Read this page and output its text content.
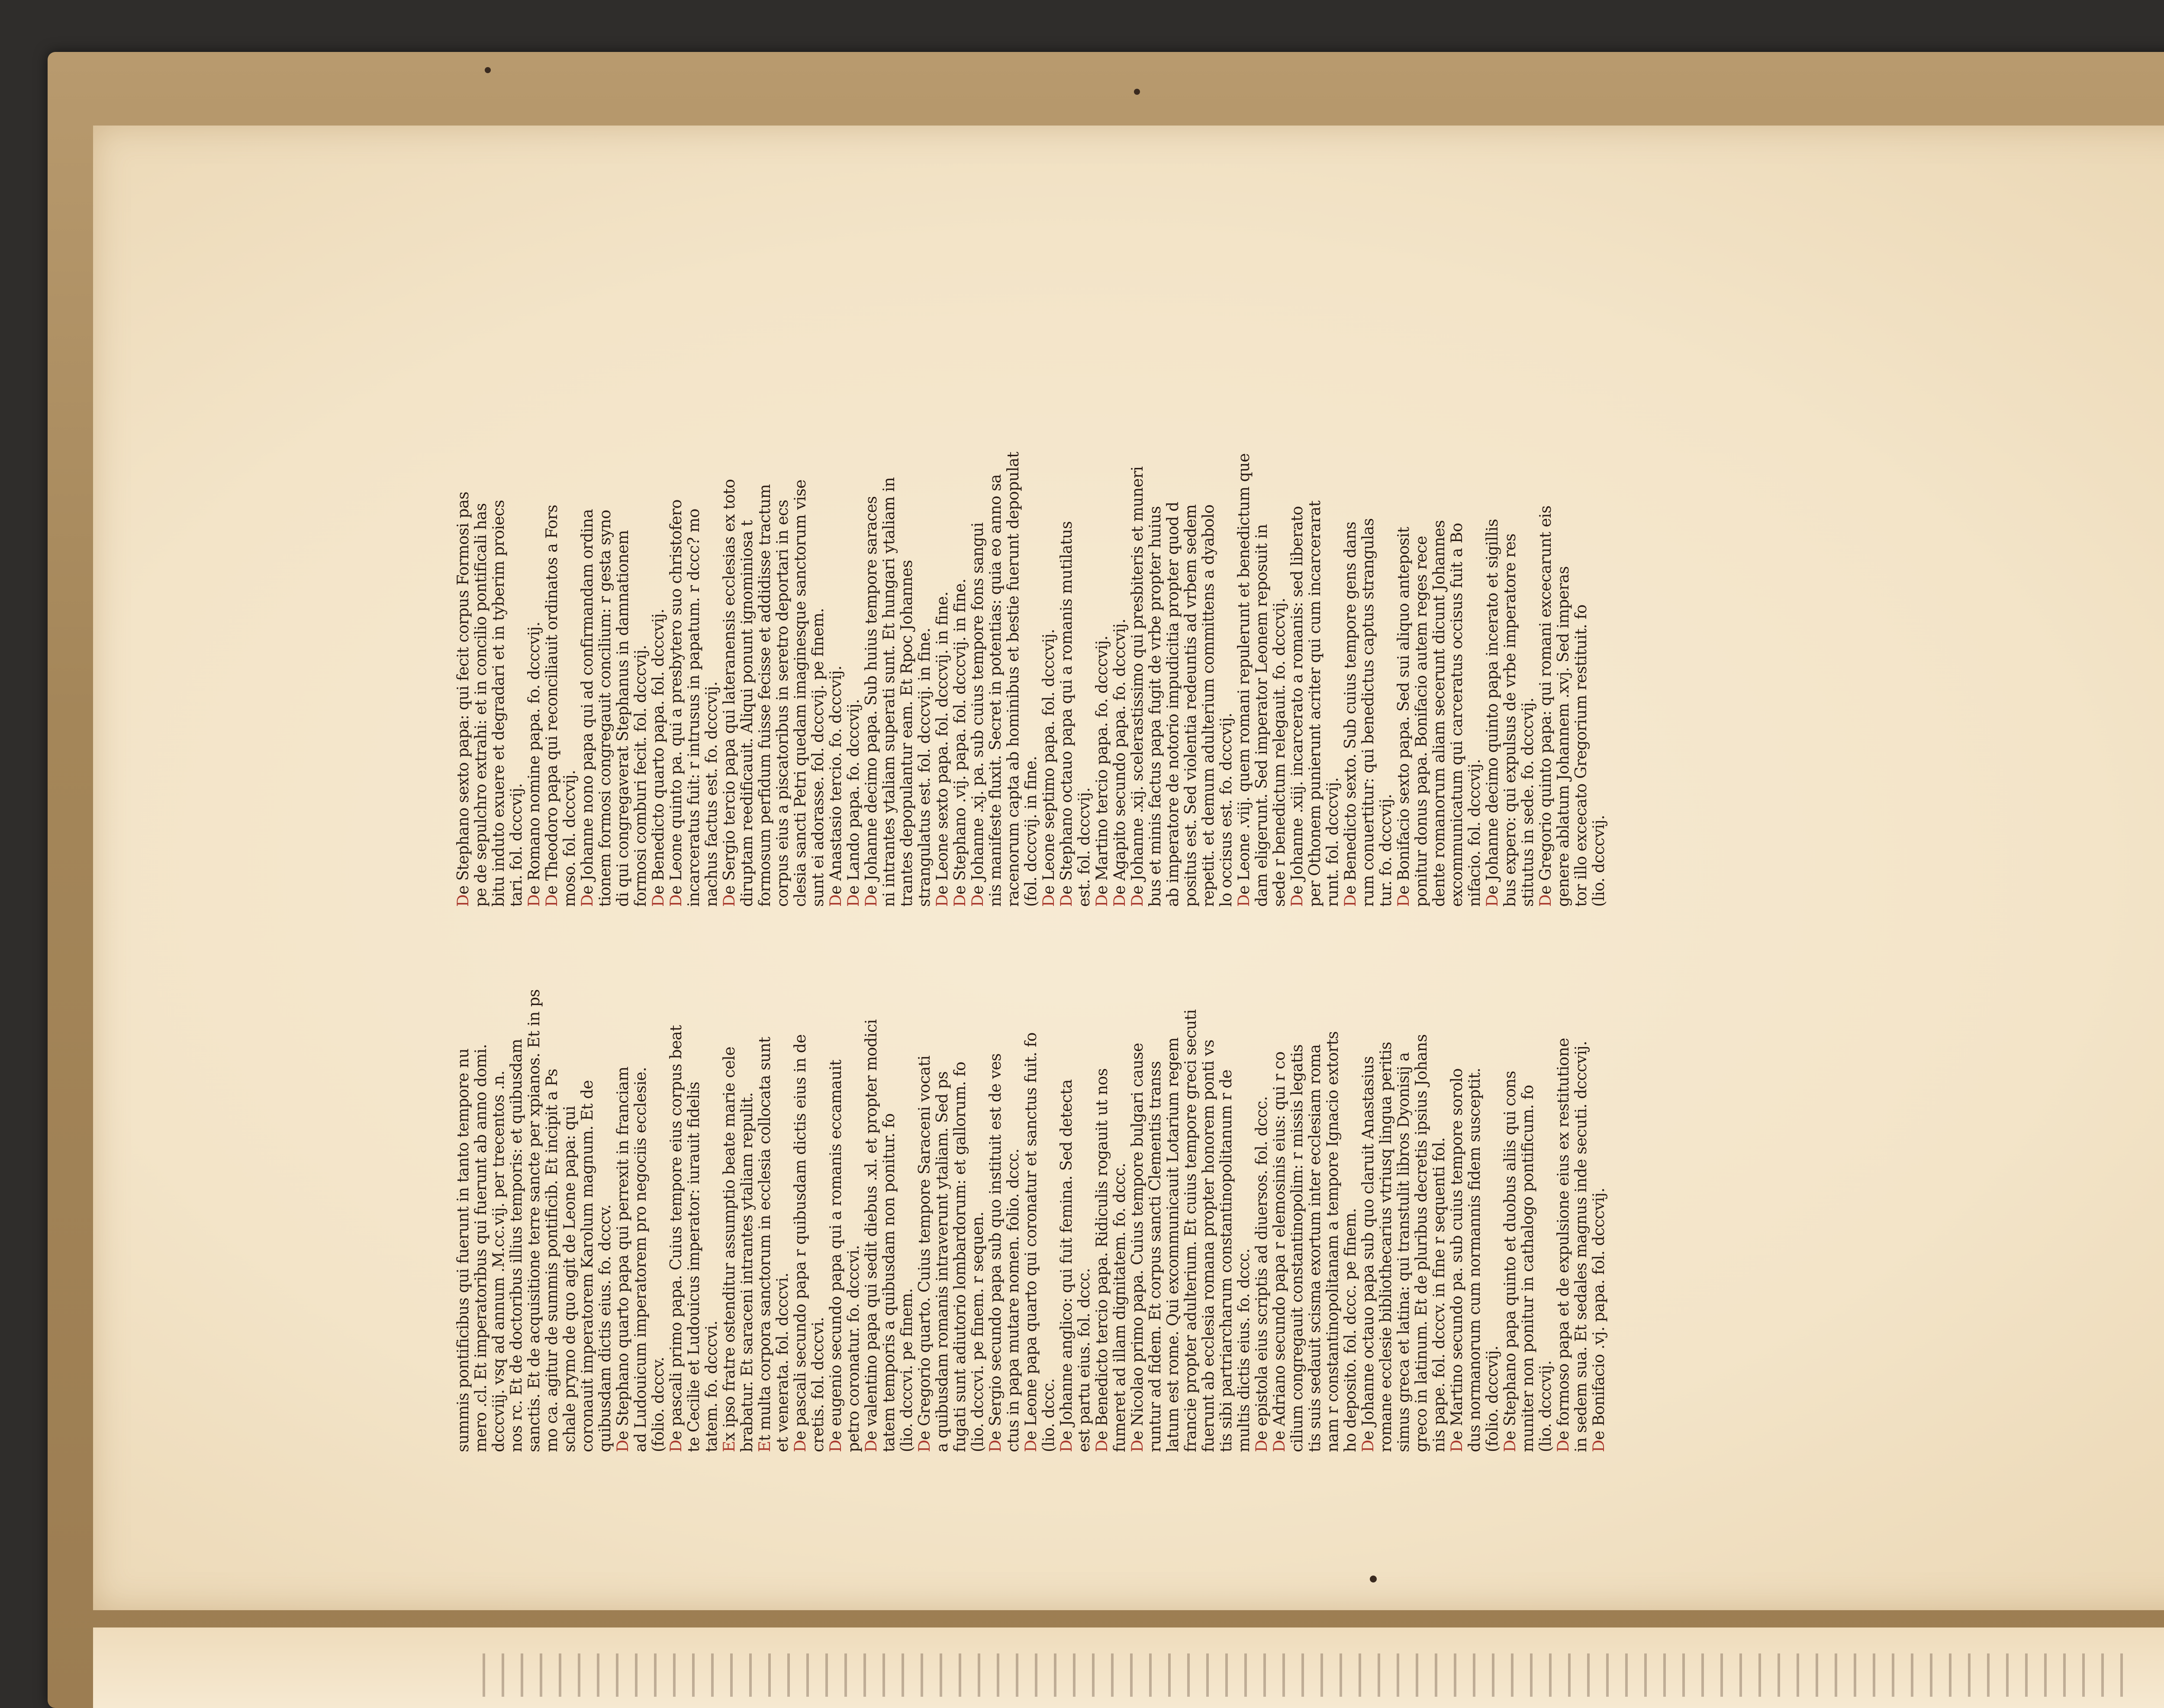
summis pontificibus qui fuerunt in tanto tempore nu mero .cl. Et imperatoribus qui fuerunt ab anno domi. dcccviij. vsq ad annum .M.cc.vij. per trecentos .n. nos rc. Et de doctoribus illius temporis: et quibusdam sanctis. Et de acquisitione terre sancte per xpianos. Et in ps mo ca. agitur de summis pontificib. Et incipit a Ps schale prymo de quo agit de Leone papa: qui coronauit imperatorem Karolum magnum. Et de quibusdam dictis eius. fo. dcccv. De Stephano quarto papa qui perrexit in franciam ad Ludouicum imperatorem pro negociis ecclesie. (folio. dcccv. De pascali primo papa. Cuius tempore eius corpus beat te Cecilie et Ludouicus imperator: iurauit fidelis tatem. fo. dcccvi. Ex ipso fratre ostenditur assumptio beate marie cele brabatur. Et saraceni intrantes ytaliam repulit. Et multa corpora sanctorum in ecclesia collocata sunt et venerata. fol. dcccvi. De pascali secundo papa r quibusdam dictis eius in de cretis. fol. dcccvi. De eugenio secundo papa qui a romanis eccamauit petro coronatur. fo. dcccvi. De valentino papa qui sedit diebus .xl. et propter modici tatem temporis a quibusdam non ponitur. fo (lio. dcccvi. pe finem. De Gregorio quarto. Cuius tempore Saraceni vocati a quibusdam romanis intraverunt ytaliam. Sed ps fugati sunt adiutorio lombardorum: et gallorum. fo (lio. dcccvi. pe finem. r sequen. De Sergio secundo papa sub quo instituit est de ves ctus in papa mutare nomen. folio. dccc. De Leone papa quarto qui coronatur et sanctus fuit. fo (lio. dccc. De Johanne anglico: qui fuit femina. Sed detecta est partu eius. fol. dccc. De Benedicto tercio papa. Ridiculis rogauit ut nos fumeret ad illam dignitatem. fo. dccc. De Nicolao primo papa. Cuius tempore bulgari cause runtur ad fidem. Et corpus sancti Clementis transs latum est rome. Qui excommunicauit Lotarium regem francie propter adulterium. Et cuius tempore greci secuti fuerunt ab ecclesia romana propter honorem ponti vs tis sibi partriarcharum constantinopolitanum r de multis dictis eius. fo. dccc. De epistola eius scriptis ad diuersos. fol. dccc.
De Adriano secundo papa r elemosinis eius: qui r co cilium congregauit constantinopolim: r missis legatis tis suis sedauit scisma exortum inter ecclesiam roma nam r constantinopolitanam a tempore Ignacio extorts ho deposito. fol. dccc. pe finem. De Johanne octauo papa sub quo claruit Anastasius romane ecclesie bibliothecarius vtriusq lingua peritis simus greca et latina: qui transtulit libros Dyonisij a greco in latinum. Et de pluribus decretis ipsius Johans nis pape. fol. dcccv. in fine r sequenti fol. De Martino secundo pa. sub cuius tempore sorolo dus normanorum cum normannis fidem susceptit. (folio. dcccvij. De Stephano papa quinto et duobus aliis qui cons muniter non ponitur in cathalogo pontificum. fo (lio. dcccvij. De formoso papa et de expulsione eius ex restitutione in sedem sua. Et sedales magnus inde secuti. dcccvij. De Bonifacio .vj. papa. fol. dcccvij.
De Stephano sexto papa: qui fecit corpus Formosi pas pe de sepulchro extrahi: et in concilio pontificali has bitu induto exuere et degradari et in tyberim proiecs tari. fol. dcccvij. De Romano nomine papa. fo. dcccvij.
De Theodoro papa qui reconciliauit ordinatos a Fors moso. fol. dcccvij. De Johanne nono papa qui ad confirmandam ordina tionem formosi congregauit concilium: r gesta syno di qui congregaverat Stephanus in damnationem formosi comburi fecit. fol. dcccvij. De Benedicto quarto papa. fol. dcccvij.
De Leone quinto pa. qui a presbytero suo christofero incarceratus fuit: r intrusus in papatum. r dccc? mo nachus factus est. fo. dcccvij. De Sergio tercio papa qui lateranensis ecclesias ex toto diruptam reedificauit. Aliqui ponunt ignominiosa t formosum perfidum fuisse fecisse et addidisse tractum corpus eius a piscatoribus in seretro deportari in ecs clesia sancti Petri quedam imaginesque sanctorum vise sunt ei adorasse. fol. dcccvij. pe finem. De Anastasio tercio. fo. dcccvij.
De Lando papa. fo. dcccvij.
De Johanne decimo papa. Sub huius tempore saraces ni intrantes ytaliam superati sunt. Et hungari ytaliam in trantes depopulantur eam. Et Rpoc Johannes strangulatus est. fol. dcccvij. in fine. De Leone sexto papa. fol. dcccvij. in fine.
De Stephano .vij. papa. fol. dcccvij. in fine.
De Johanne .xj. pa. sub cuius tempore fons sangui nis manifeste fluxit. Secret in potentias: quia eo anno sa racenorum capta ab hominibus et bestie fuerunt depopulat (fol. dcccvij. in fine. De Leone septimo papa. fol. dcccvij.
De Stephano octauo papa qui a romanis mutilatus est. fol. dcccvij. De Martino tercio papa. fo. dcccvij.
De Agapito secundo papa. fo. dcccvij.
De Johanne .xij. scelerastissimo qui presbiteris et muneri bus et minis factus papa fugit de vrbe propter huius ab imperatore de notorio impudicitia propter quod d positus est. Sed violentia redeuntis ad vrbem sedem repetit. et demum adulterium committens a dyabolo lo occisus est. fo. dcccvij. De Leone .viij. quem romani repulerunt et benedictum que dam eligerunt. Sed imperator Leonem reposuit in sede r benedictum relegauit. fo. dcccvij. De Johanne .xiij. incarcerato a romanis: sed liberato per Othonem punierunt acriter qui cum incarcerarat runt. fol. dcccvij. De Benedicto sexto. Sub cuius tempore gens dans rum conuertitur: qui benedictus captus strangulas tur. fo. dcccvij. De Bonifacio sexto papa. Sed sui aliquo anteposit ponitur donus papa. Bonifacio autem reges rece dente romanorum aliam secerunt dicunt Johannes excommunicatum qui carceratus occisus fuit a Bo nifacio. fol. dcccvij. De Johanne decimo quinto papa incerato et sigillis bus expero: qui expulsus de vrbe imperatore res stitutus in sede. fo. dcccvij. De Gregorio quinto papa: qui romani excecarunt eis genere ablatum Johannem .xvj. Sed imperas tor illo excecato Gregorium restituit. fo (lio. dcccvij.
